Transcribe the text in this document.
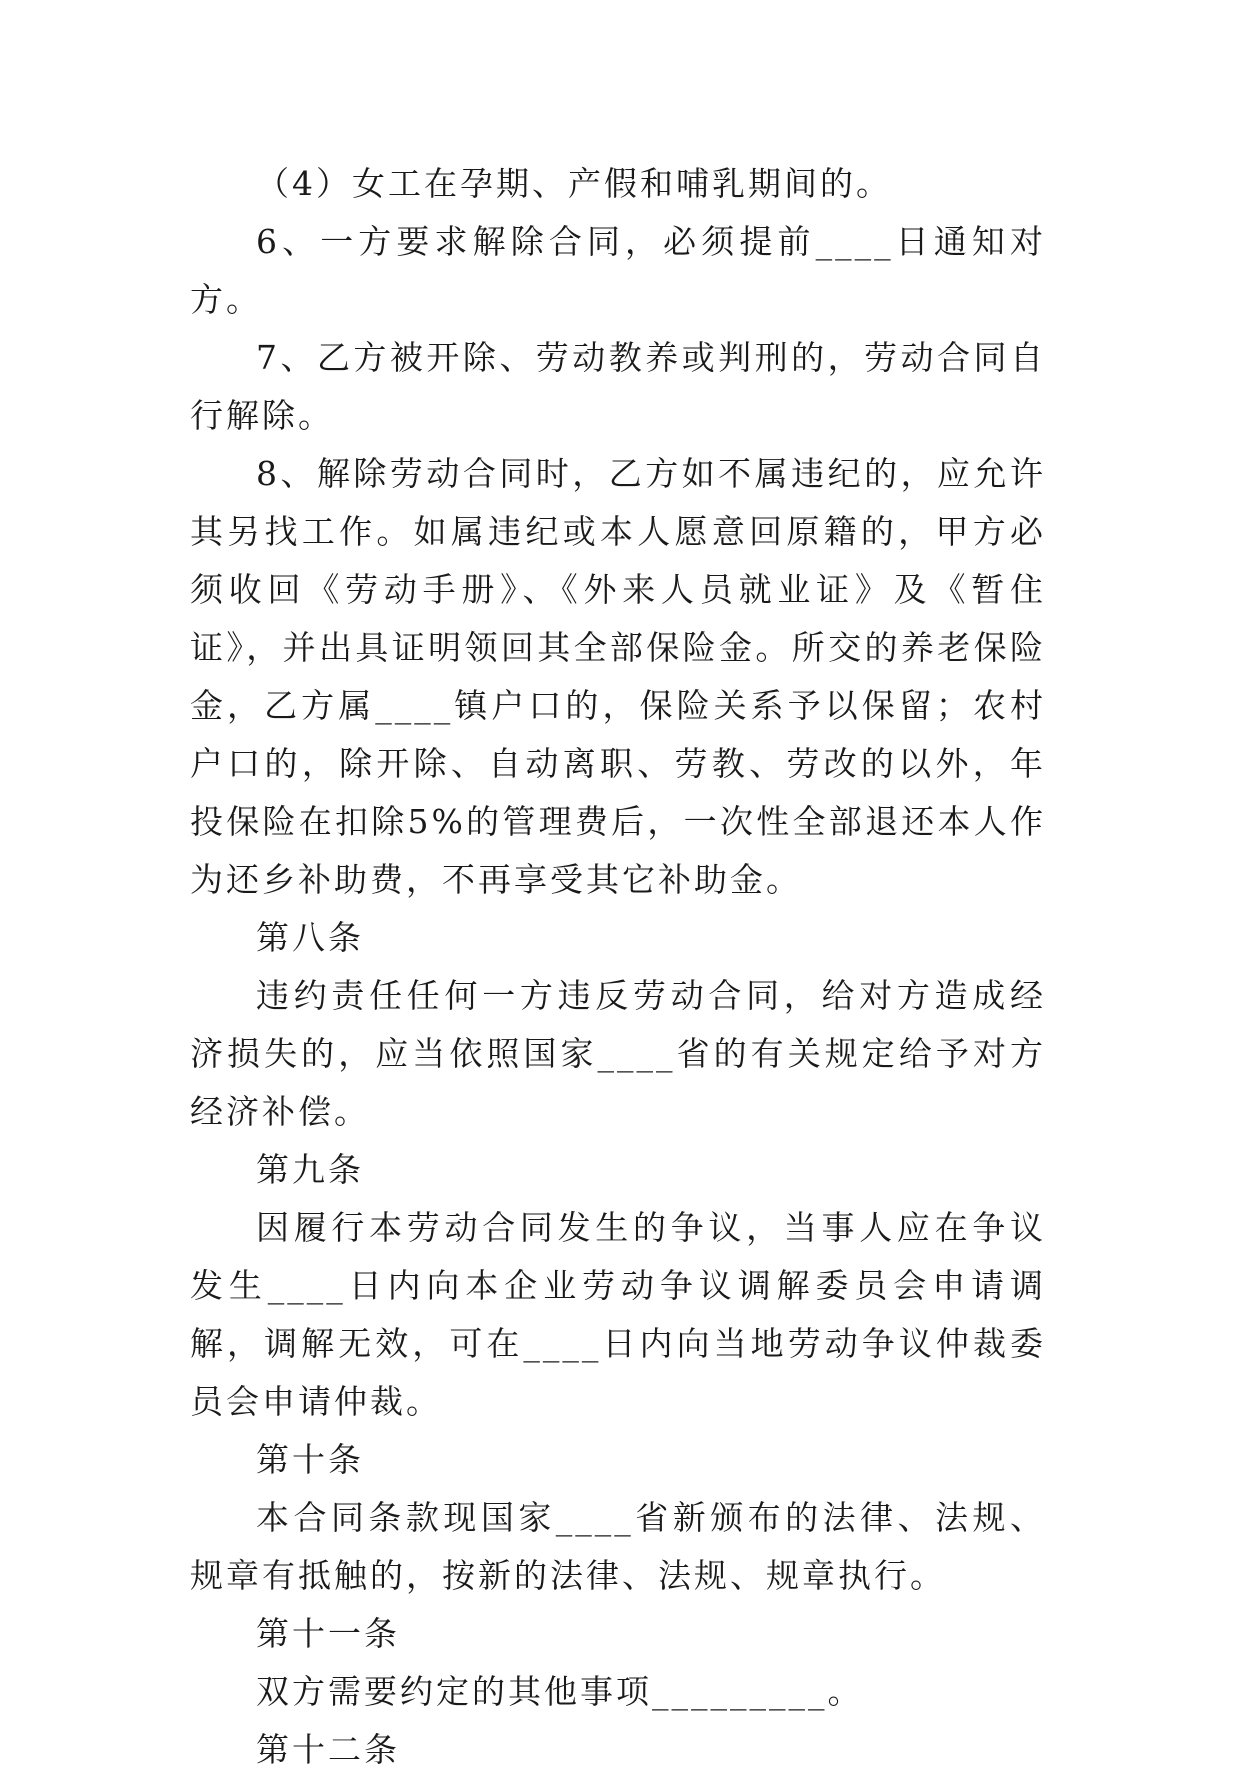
（4）女工在孕期、产假和哺乳期间的。

6、一方要求解除合同，必须提前____日通知对方。

7、乙方被开除、劳动教养或判刑的，劳动合同自行解除。

8、解除劳动合同时，乙方如不属违纪的，应允许其另找工作。如属违纪或本人愿意回原籍的，甲方必须收回《劳动手册》、《外来人员就业证》及《暂住证》，并出具证明领回其全部保险金。所交的养老保险金，乙方属____镇户口的，保险关系予以保留；农村户口的，除开除、自动离职、劳教、劳改的以外，年投保险在扣除5%的管理费后，一次性全部退还本人作为还乡补助费，不再享受其它补助金。

第八条

违约责任任何一方违反劳动合同，给对方造成经济损失的，应当依照国家____省的有关规定给予对方经济补偿。

第九条

因履行本劳动合同发生的争议，当事人应在争议发生____日内向本企业劳动争议调解委员会申请调解，调解无效，可在____日内向当地劳动争议仲裁委员会申请仲裁。

第十条

本合同条款现国家____省新颁布的法律、法规、规章有抵触的，按新的法律、法规、规章执行。

第十一条

双方需要约定的其他事项_________。

第十二条
